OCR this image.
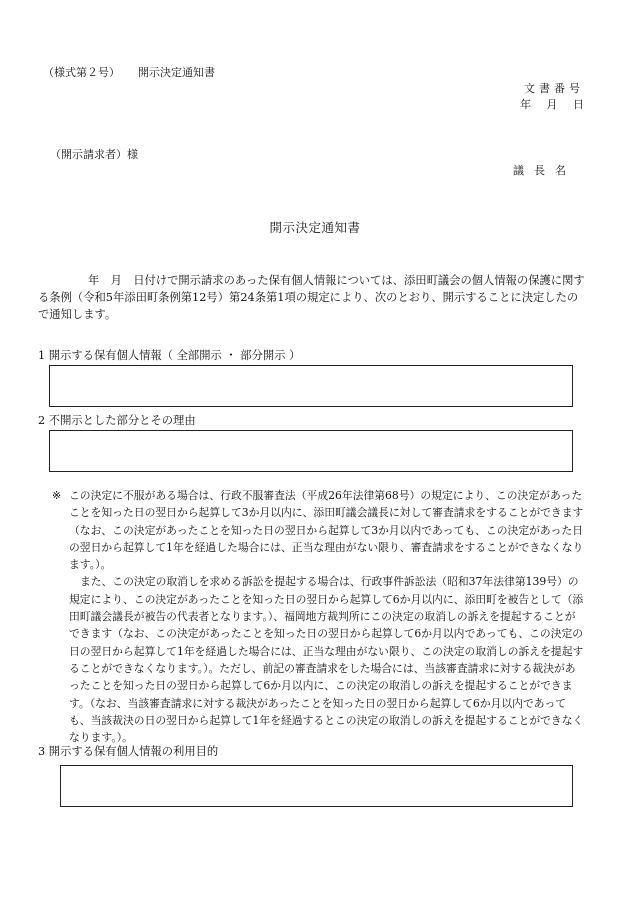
（様式第２号） 開示決定通知書
文書番号
年 月 日
（開示請求者）様
議長名
開示決定通知書
年　月　日付けで開示請求のあった保有個人情報については、添田町議会の個人情報の保護に関する条例（令和5年添田町条例第12号）第24条第1項の規定により、次のとおり、開示することに決定したので通知します。
1 開示する保有個人情報（ 全部開示 ・ 部分開示 ）
2 不開示とした部分とその理由
※ この決定に不服がある場合は、行政不服審査法（平成26年法律第68号）の規定により、この決定があったことを知った日の翌日から起算して3か月以内に、添田町議会議長に対して審査請求をすることができます（なお、この決定があったことを知った日の翌日から起算して3か月以内であっても、この決定があった日の翌日から起算して1年を経過した場合には、正当な理由がない限り、審査請求をすることができなくなります。）。

また、この決定の取消しを求める訴訟を提起する場合は、行政事件訴訟法（昭和37年法律第139号）の規定により、この決定があったことを知った日の翌日から起算して6か月以内に、添田町を被告として（添田町議会議長が被告の代表者となります。）、福岡地方裁判所にこの決定の取消しの訴えを提起することができます（なお、この決定があったことを知った日の翌日から起算して6か月以内であっても、この決定の日の翌日から起算して1年を経過した場合には、正当な理由がない限り、この決定の取消しの訴えを提起することができなくなります。）。ただし、前記の審査請求をした場合には、当該審査請求に対する裁決があったことを知った日の翌日から起算して6か月以内に、この決定の取消しの訴えを提起することができます。（なお、当該審査請求に対する裁決があったことを知った日の翌日から起算して6か月以内であっても、当該裁決の日の翌日から起算して1年を経過するとこの決定の取消しの訴えを提起することができなくなります。）。

3 開示する保有個人情報の利用目的
